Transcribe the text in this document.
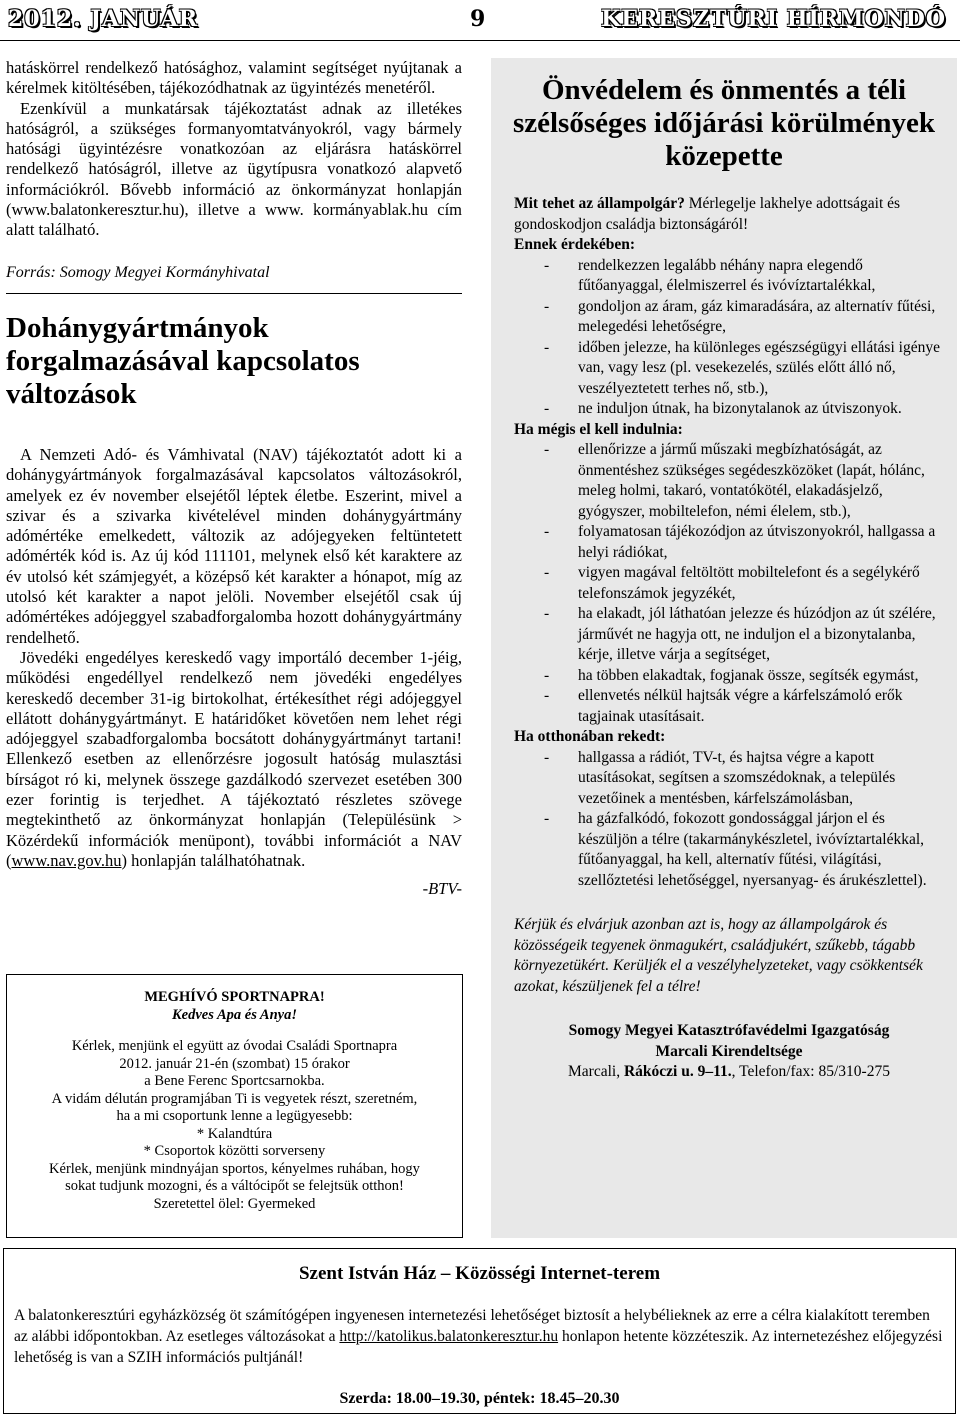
2012. JANUÁR	9	KERESZTÚRI HÍRMONDÓ

hatáskörrel rendelkező hatósághoz, valamint segítséget nyújtanak a kérelmek kitöltésében, tájékozódhatnak az ügyintézés menetéről.

Ezenkívül a munkatársak tájékoztatást adnak az illetékes hatóságról, a szükséges formanyomtatványokról, vagy bármely hatósági ügyintézésre vonatkozóan az eljárásra hatáskörrel rendelkező hatóságról, illetve az ügytípusra vonatkozó alapvető információkról. Bővebb információ az önkormányzat honlapján (www.balatonkeresztur.hu), illetve a www. kormányablak.hu cím alatt található.

Forrás: Somogy Megyei Kormányhivatal
Dohánygyártmányok forgalmazásával kapcsolatos változások

A Nemzeti Adó- és Vámhivatal (NAV) tájékoztatót adott ki a dohánygyártmányok forgalmazásával kapcsolatos változásokról, amelyek ez év november elsejétől léptek életbe. Eszerint, mivel a szivar és a szivarka kivételével minden dohánygyártmány adómértéke emelkedett, változik az adójegyeken feltüntetett adómérték kód is. Az új kód 111101, melynek első két karaktere az év utolsó két számjegyét, a középső két karakter a hónapot, míg az utolsó két karakter a napot jelöli. November elsejétől csak új adómértékes adójeggyel szabadforgalomba hozott dohánygyártmány rendelhető.

Jövedéki engedélyes kereskedő vagy importáló december 1-jéig, működési engedéllyel rendelkező nem jövedéki engedélyes kereskedő december 31-ig birtokolhat, értékesíthet régi adójeggyel ellátott dohánygyártmányt. E határidőket követően nem lehet régi adójeggyel szabadforgalomba bocsátott dohánygyártmányt tartani! Ellenkező esetben az ellenőrzésre jogosult hatóság mulasztási bírságot ró ki, melynek összege gazdálkodó szervezet esetében 300 ezer forintig is terjedhet. A tájékoztató részletes szövege megtekinthető az önkormányzat honlapján (Településünk > Közérdekű információk menüpont), további információt a NAV (www.nav.gov.hu) honlapján találhatóhatnak.

-BTV-
MEGHÍVÓ SPORTNAPRA!
Kedves Apa és Anya!
Kérlek, menjünk el együtt az óvodai Családi Sportnapra
2012. január 21-én (szombat) 15 órakor
a Bene Ferenc Sportcsarnokba.
A vidám délután programjában Ti is vegyetek részt, szeretném,
ha a mi csoportunk lenne a legügyesebb:
* Kalandtúra
* Csoportok közötti sorverseny
Kérlek, menjünk mindnyájan sportos, kényelmes ruhában, hogy
sokat tudjunk mozogni, és a váltócipőt se felejtsük otthon!
Szeretettel ölel: Gyermeked
Önvédelem és önmentés a téli szélsőséges időjárási körülmények közepette
Mit tehet az állampolgár? Mérlegelje lakhelye adottságait és gondoskodjon családja biztonságáról!
Ennek érdekében:
-	rendelkezzen legalább néhány napra elegendő fűtőanyaggal, élelmiszerrel és ivóvíztartalékkal,
-	gondoljon az áram, gáz kimaradására, az alternatív fűtési, melegedési lehetőségre,
-	időben jelezze, ha különleges egészségügyi ellátási igénye van, vagy lesz (pl. vesekezelés, szülés előtt álló nő, veszélyeztetett terhes nő, stb.),
-	ne induljon útnak, ha bizonytalanok az útviszonyok.
Ha mégis el kell indulnia:
-	ellenőrizze a jármű műszaki megbízhatóságát, az önmentéshez szükséges segédeszközöket (lapát, hólánc, meleg holmi, takaró, vontatókötél, elakadásjelző, gyógyszer, mobiltelefon, némi élelem, stb.),
-	folyamatosan tájékozódjon az útviszonyokról, hallgassa a helyi rádiókat,
-	vigyen magával feltöltött mobiltelefont és a segélykérő telefonszámok jegyzékét,
-	ha elakadt, jól láthatóan jelezze és húzódjon az út szélére, járművét ne hagyja ott, ne induljon el a bizonytalanba, kérje, illetve várja a segítséget,
-	ha többen elakadtak, fogjanak össze, segítsék egymást,
-	ellenvetés nélkül hajtsák végre a kárfelszámoló erők tagjainak utasításait.
Ha otthonában rekedt:
-	hallgassa a rádiót, TV-t, és hajtsa végre a kapott utasításokat, segítsen a szomszédoknak, a település vezetőinek a mentésben, kárfelszámolásban,
-	ha gázfalkódó, fokozott gondossággal járjon el és készüljön a télre (takarmánykészletel, ivóvíztartalékkal, fűtőanyaggal, ha kell, alternatív fűtési, világítási, szellőztetési lehetőséggel, nyersanyag- és árukészlettel).
Kérjük és elvárjuk azonban azt is, hogy az állampolgárok és közösségeik tegyenek önmagukért, családjukért, szűkebb, tágabb környezetükért. Kerüljék el a veszélyhelyzeteket, vagy csökkentsék azokat, készüljenek fel a télre!
Somogy Megyei Katasztrófavédelmi Igazgatóság
Marcali Kirendeltsége
Marcali, Rákóczi u. 9–11., Telefon/fax: 85/310-275
Szent István Ház – Közösségi Internet-terem
A balatonkeresztúri egyházközség öt számítógépen ingyenesen internetezési lehetőséget biztosít a helybélieknek az erre a célra kialakított teremben az alábbi időpontokban. Az esetleges változásokat a http://katolikus.balatonkeresztur.hu honlapon hetente közzéteszik. Az internetezéshez előjegyzési lehetőség is van a SZIH információs pultjánál!
Szerda: 18.00–19.30, péntek: 18.45–20.30
